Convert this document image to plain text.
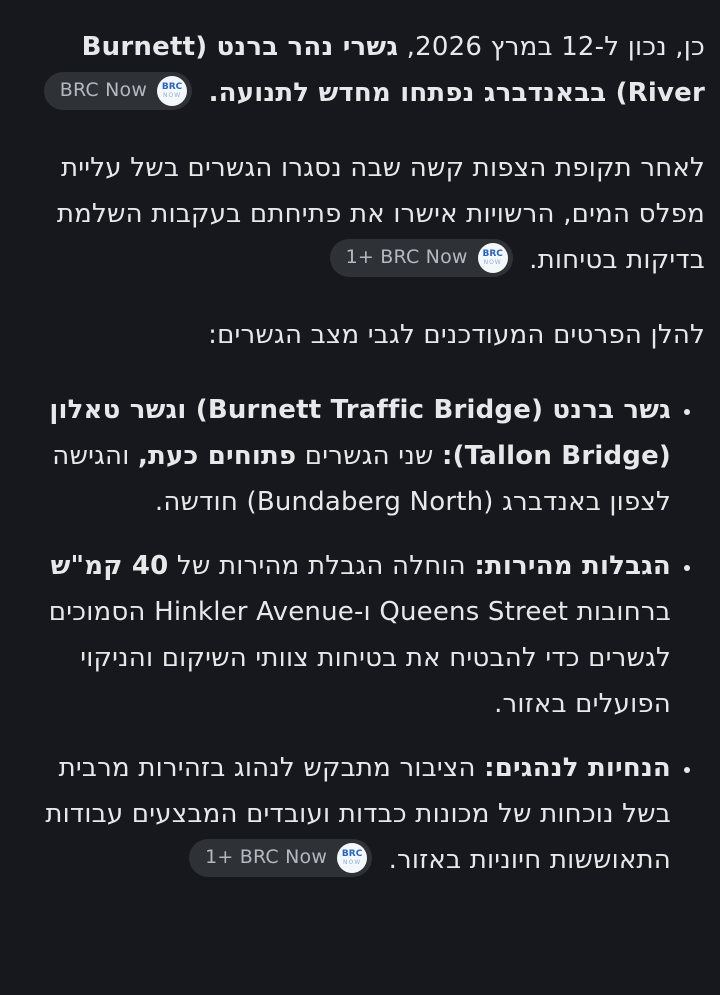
כן, נכון ל-12 במרץ 2026, גשרי נהר ברנט (Burnett River) בבאנדברג נפתחו מחדש לתנועה.
BRC Now BRC
NOW

לאחר תקופת הצפות קשה שבה נסגרו הגשרים בשל עליית מפלס המים, הרשויות אישרו את פתיחתם בעקבות השלמת בדיקות בטיחות.
1+ BRC Now BRC
NOW

להלן הפרטים המעודכנים לגבי מצב הגשרים:

• גשר ברנט (Burnett Traffic Bridge) וגשר טאלון (Tallon Bridge): שני הגשרים פתוחים כעת, והגישה לצפון באנדברג (Bundaberg North) חודשה.
• הגבלות מהירות: הוחלה הגבלת מהירות של 40 קמ"ש ברחובות Queens Street ו-Hinkler Avenue הסמוכים לגשרים כדי להבטיח את בטיחות צוותי השיקום והניקוי הפועלים באזור.
• הנחיות לנהגים: הציבור מתבקש לנהוג בזהירות מרבית בשל נוכחות של מכונות כבדות ועובדים המבצעים עבודות התאוששות חיוניות באזור.
1+ BRC Now BRC
NOW
